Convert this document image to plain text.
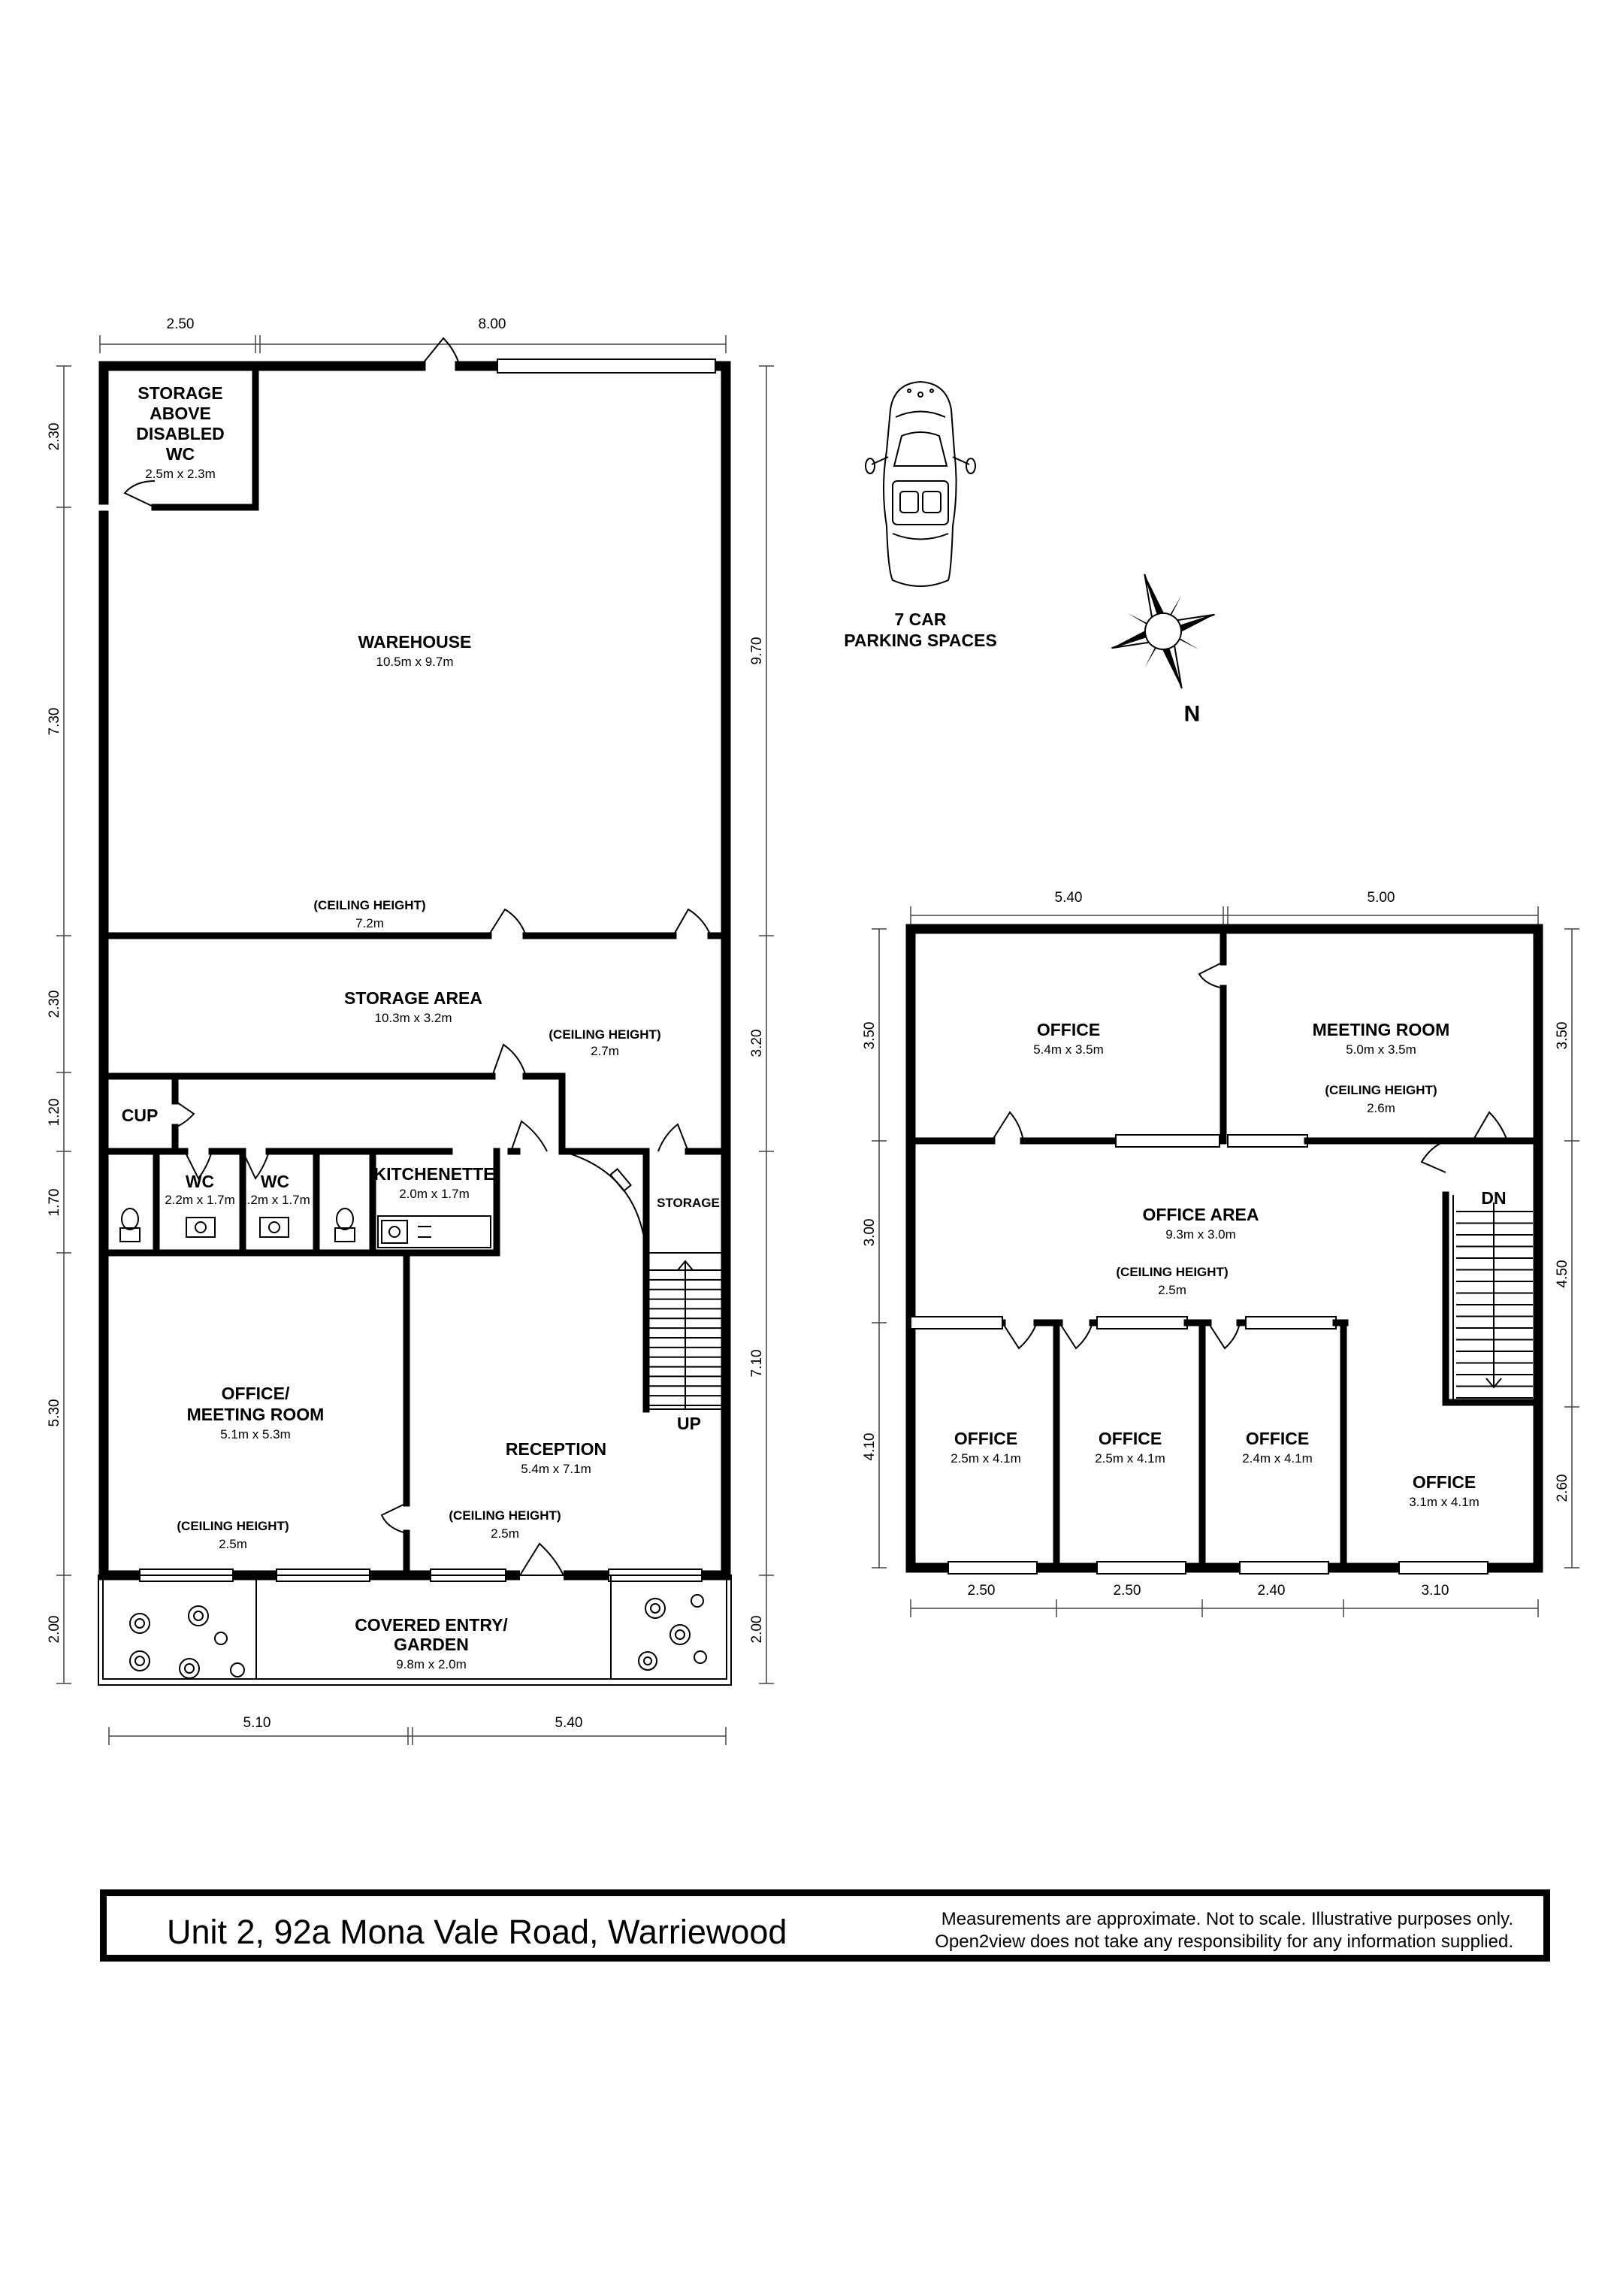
2.50	8.00
2.30
7.30
2.30
1.20
1.70
5.30
2.00
9.70
3.20
7.10
2.00
5.10	5.40
STORAGE
ABOVE
DISABLED
WC
2.5m x 2.3m
WAREHOUSE
10.5m x 9.7m
(CEILING HEIGHT)
7.2m
STORAGE AREA
10.3m x 3.2m
(CEILING HEIGHT)
2.7m
CUP
WC
2.2m x 1.7m
WC
2.2m x 1.7m
KITCHENETTE
2.0m x 1.7m
STORAGE
UP
OFFICE/
MEETING ROOM
5.1m x 5.3m
(CEILING HEIGHT)
2.5m
RECEPTION
5.4m x 7.1m
(CEILING HEIGHT)
2.5m
COVERED ENTRY/
GARDEN
9.8m x 2.0m
7 CAR
PARKING SPACES
N
5.40	5.00
3.50
3.00
4.10
3.50
4.50
2.60
2.50	2.50	2.40	3.10
OFFICE
5.4m x 3.5m
MEETING ROOM
5.0m x 3.5m
(CEILING HEIGHT)
2.6m
OFFICE AREA
9.3m x 3.0m
(CEILING HEIGHT)
2.5m
DN
OFFICE
2.5m x 4.1m
OFFICE
2.5m x 4.1m
OFFICE
2.4m x 4.1m
OFFICE
3.1m x 4.1m
Unit 2, 92a Mona Vale Road, Warriewood	Measurements are approximate. Not to scale. Illustrative purposes only.
Open2view does not take any responsibility for any information supplied.
